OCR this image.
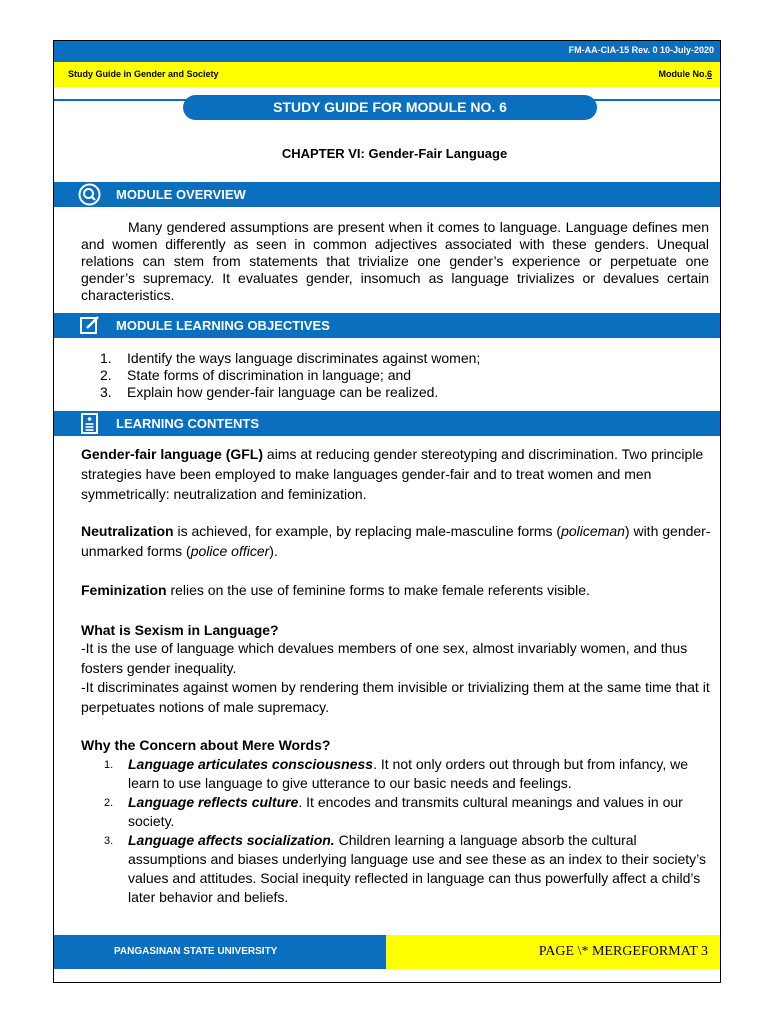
FM-AA-CIA-15 Rev. 0 10-July-2020
Study Guide in Gender and Society	Module No.6
STUDY GUIDE FOR MODULE NO. 6
CHAPTER VI: Gender-Fair Language
MODULE OVERVIEW
Many gendered assumptions are present when it comes to language. Language defines men and women differently as seen in common adjectives associated with these genders. Unequal relations can stem from statements that trivialize one gender’s experience or perpetuate one gender’s supremacy. It evaluates gender, insomuch as language trivializes or devalues certain characteristics.
MODULE LEARNING OBJECTIVES
1. Identify the ways language discriminates against women;
2. State forms of discrimination in language; and
3. Explain how gender-fair language can be realized.
LEARNING CONTENTS
Gender-fair language (GFL) aims at reducing gender stereotyping and discrimination. Two principle strategies have been employed to make languages gender-fair and to treat women and men symmetrically: neutralization and feminization.
Neutralization is achieved, for example, by replacing male-masculine forms (policeman) with gender-unmarked forms (police officer).
Feminization relies on the use of feminine forms to make female referents visible.
What is Sexism in Language?
-It is the use of language which devalues members of one sex, almost invariably women, and thus fosters gender inequality.
-It discriminates against women by rendering them invisible or trivializing them at the same time that it perpetuates notions of male supremacy.
Why the Concern about Mere Words?
1. Language articulates consciousness. It not only orders out through but from infancy, we learn to use language to give utterance to our basic needs and feelings.
2. Language reflects culture. It encodes and transmits cultural meanings and values in our society.
3. Language affects socialization. Children learning a language absorb the cultural assumptions and biases underlying language use and see these as an index to their society’s values and attitudes. Social inequity reflected in language can thus powerfully affect a child’s later behavior and beliefs.
PANGASINAN STATE UNIVERSITY	PAGE \* MERGEFORMAT 3
